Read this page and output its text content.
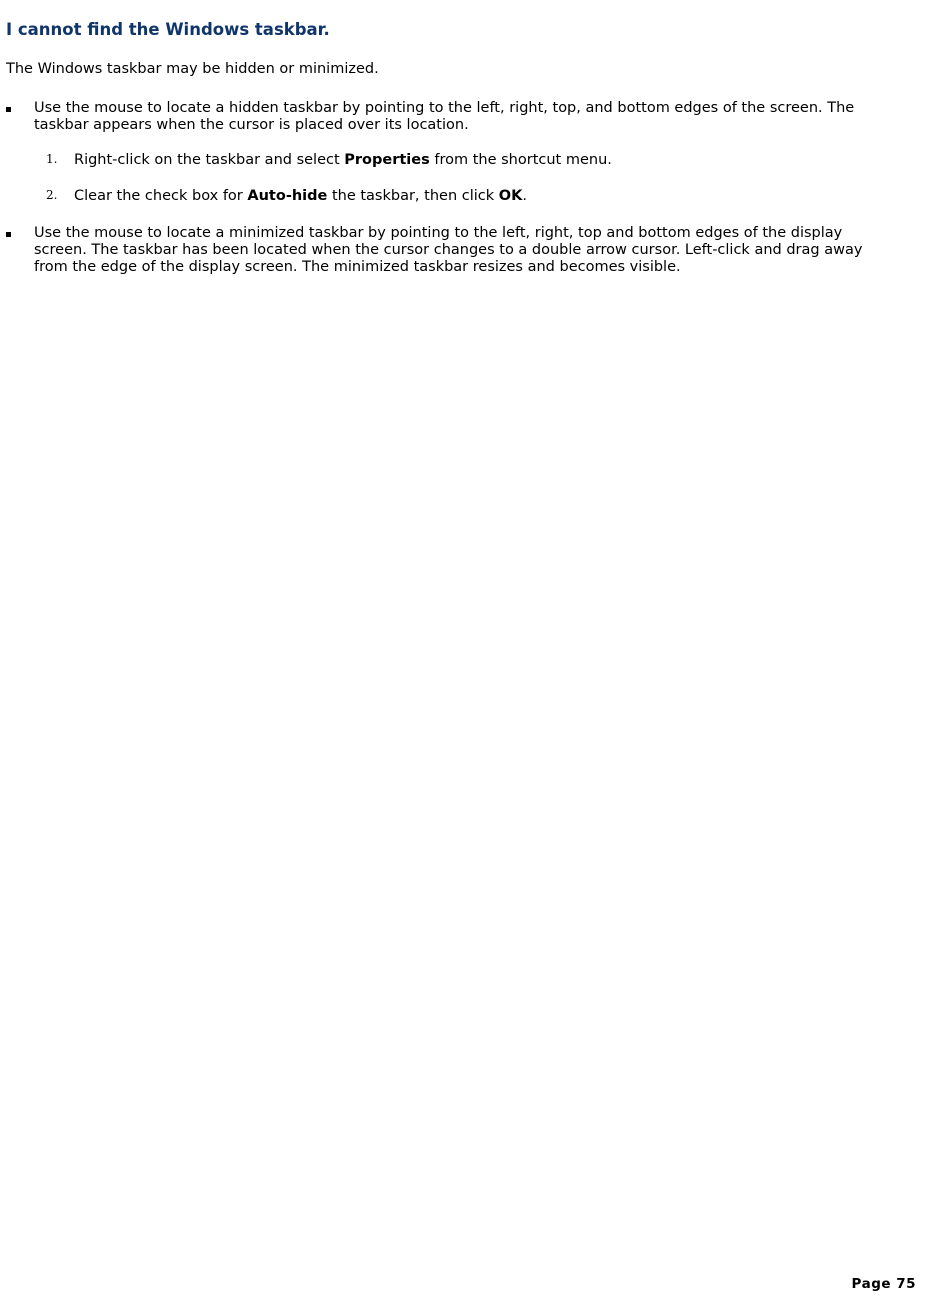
I cannot find the Windows taskbar.

The Windows taskbar may be hidden or minimized.

Use the mouse to locate a hidden taskbar by pointing to the left, right, top, and bottom edges of the screen. The taskbar appears when the cursor is placed over its location.

1. Right-click on the taskbar and select Properties from the shortcut menu.

2. Clear the check box for Auto-hide the taskbar, then click OK.

Use the mouse to locate a minimized taskbar by pointing to the left, right, top and bottom edges of the display screen. The taskbar has been located when the cursor changes to a double arrow cursor. Left-click and drag away from the edge of the display screen. The minimized taskbar resizes and becomes visible.

Page 75
